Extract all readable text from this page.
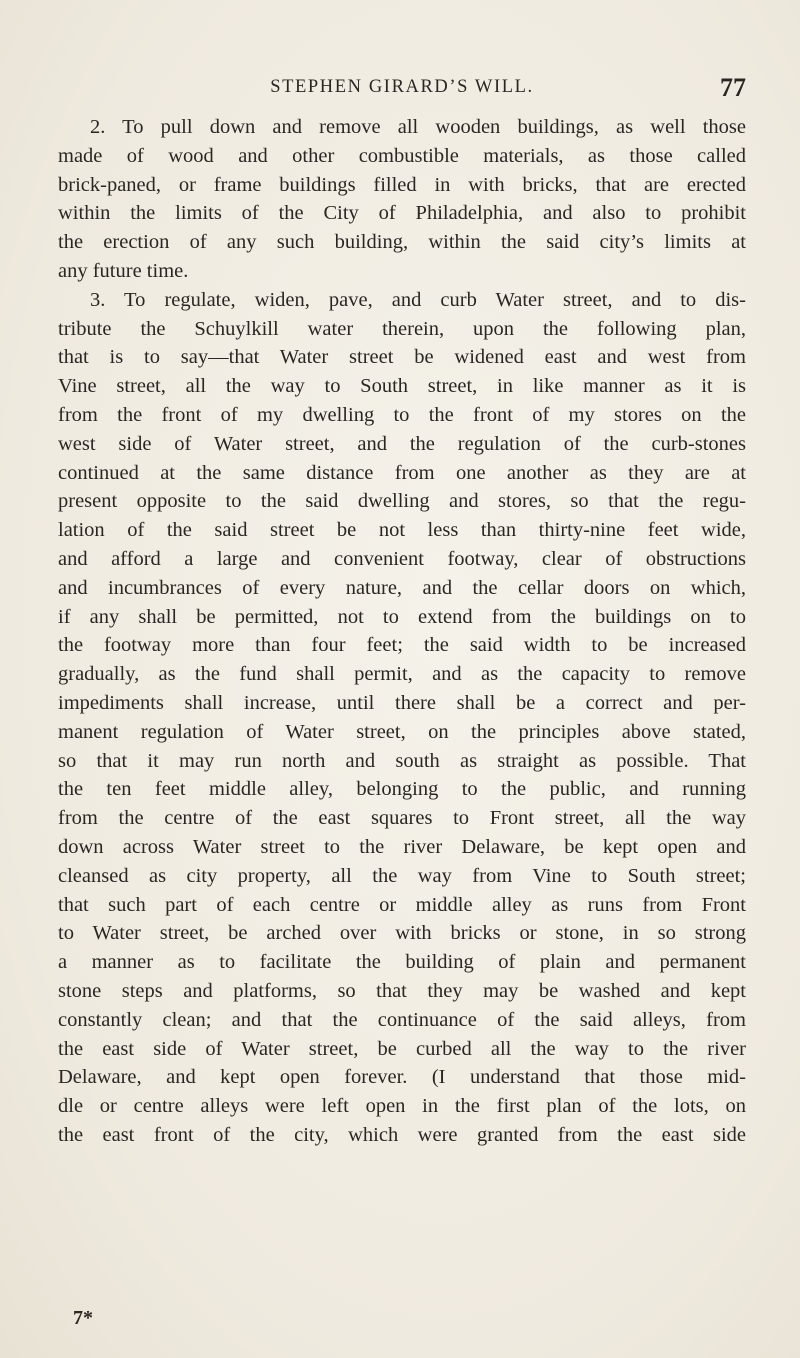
STEPHEN GIRARD’S WILL.	77
2. To pull down and remove all wooden buildings, as well those
made of wood and other combustible materials, as those called
brick-paned, or frame buildings filled in with bricks, that are erected
within the limits of the City of Philadelphia, and also to prohibit
the erection of any such building, within the said city’s limits at
any future time.
3. To regulate, widen, pave, and curb Water street, and to dis-
tribute the Schuylkill water therein, upon the following plan,
that is to say—that Water street be widened east and west from
Vine street, all the way to South street, in like manner as it is
from the front of my dwelling to the front of my stores on the
west side of Water street, and the regulation of the curb-stones
continued at the same distance from one another as they are at
present opposite to the said dwelling and stores, so that the regu-
lation of the said street be not less than thirty-nine feet wide,
and afford a large and convenient footway, clear of obstructions
and incumbrances of every nature, and the cellar doors on which,
if any shall be permitted, not to extend from the buildings on to
the footway more than four feet; the said width to be increased
gradually, as the fund shall permit, and as the capacity to remove
impediments shall increase, until there shall be a correct and per-
manent regulation of Water street, on the principles above stated,
so that it may run north and south as straight as possible. That
the ten feet middle alley, belonging to the public, and running
from the centre of the east squares to Front street, all the way
down across Water street to the river Delaware, be kept open and
cleansed as city property, all the way from Vine to South street;
that such part of each centre or middle alley as runs from Front
to Water street, be arched over with bricks or stone, in so strong
a manner as to facilitate the building of plain and permanent
stone steps and platforms, so that they may be washed and kept
constantly clean; and that the continuance of the said alleys, from
the east side of Water street, be curbed all the way to the river
Delaware, and kept open forever. (I understand that those mid-
dle or centre alleys were left open in the first plan of the lots, on
the east front of the city, which were granted from the east side
7*
